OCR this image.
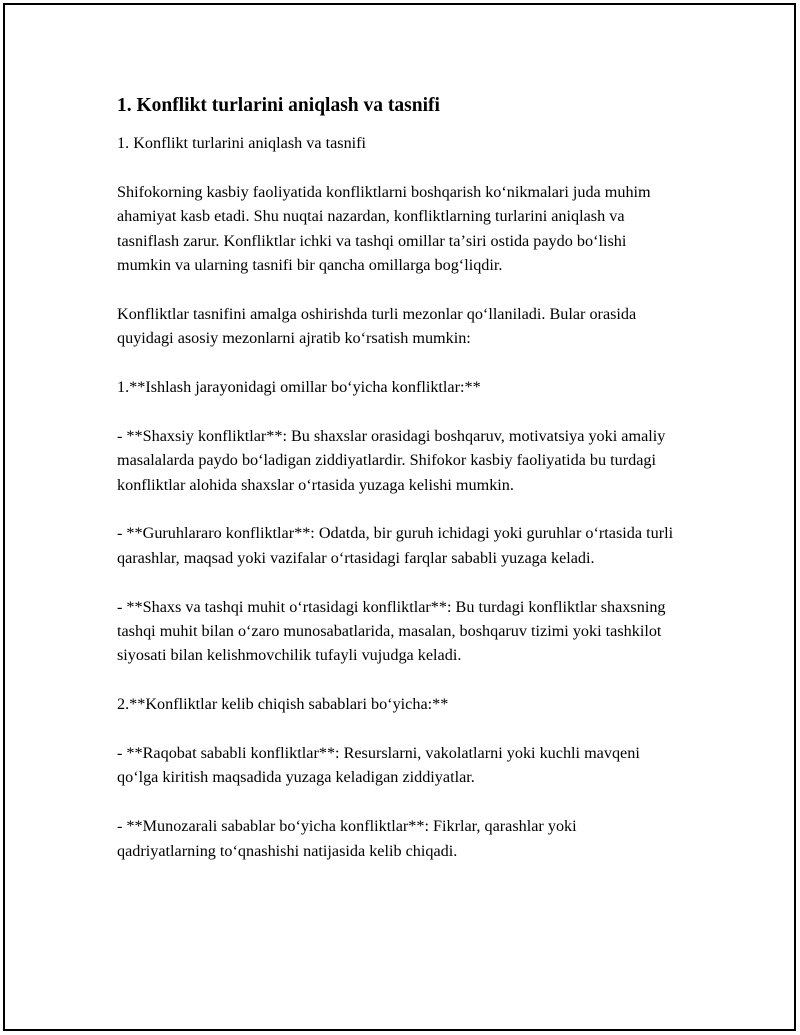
1. Konflikt turlarini aniqlash va tasnifi

1. Konflikt turlarini aniqlash va tasnifi

Shifokorning kasbiy faoliyatida konfliktlarni boshqarish koʻnikmalari juda muhim ahamiyat kasb etadi. Shu nuqtai nazardan, konfliktlarning turlarini aniqlash va tasniflash zarur. Konfliktlar ichki va tashqi omillar taʼsiri ostida paydo boʻlishi mumkin va ularning tasnifi bir qancha omillarga bogʻliqdir.

Konfliktlar tasnifini amalga oshirishda turli mezonlar qoʻllaniladi. Bular orasida quyidagi asosiy mezonlarni ajratib koʻrsatish mumkin:

1.**Ishlash jarayonidagi omillar boʻyicha konfliktlar:**

- **Shaxsiy konfliktlar**: Bu shaxslar orasidagi boshqaruv, motivatsiya yoki amaliy masalalarda paydo boʻladigan ziddiyatlardir. Shifokor kasbiy faoliyatida bu turdagi konfliktlar alohida shaxslar oʻrtasida yuzaga kelishi mumkin.

- **Guruhlararo konfliktlar**: Odatda, bir guruh ichidagi yoki guruhlar oʻrtasida turli qarashlar, maqsad yoki vazifalar oʻrtasidagi farqlar sababli yuzaga keladi.

- **Shaxs va tashqi muhit oʻrtasidagi konfliktlar**: Bu turdagi konfliktlar shaxsning tashqi muhit bilan oʻzaro munosabatlarida, masalan, boshqaruv tizimi yoki tashkilot siyosati bilan kelishmovchilik tufayli vujudga keladi.

2.**Konfliktlar kelib chiqish sabablari boʻyicha:**

- **Raqobat sababli konfliktlar**: Resurslarni, vakolatlarni yoki kuchli mavqeni qoʻlga kiritish maqsadida yuzaga keladigan ziddiyatlar.

- **Munozarali sabablar boʻyicha konfliktlar**: Fikrlar, qarashlar yoki qadriyatlarning toʻqnashishi natijasida kelib chiqadi.
